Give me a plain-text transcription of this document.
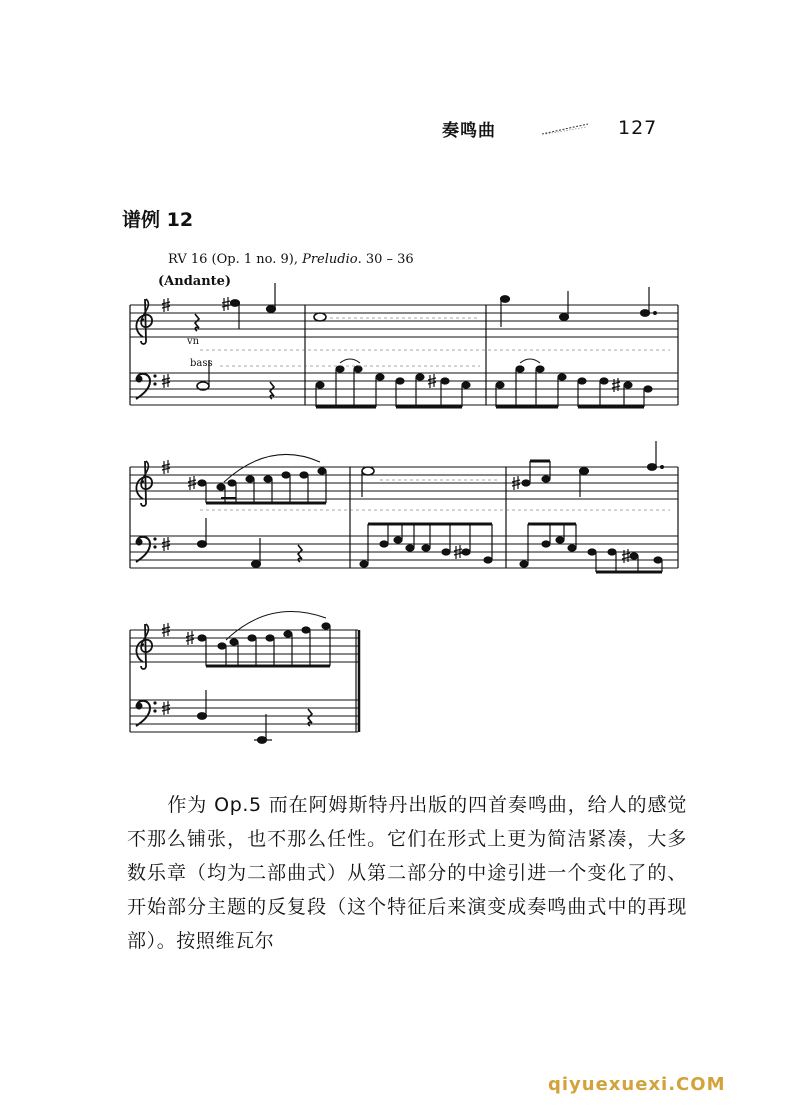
奏鸣曲	127
谱例 12
RV 16 (Op. 1 no. 9), Preludio. 30 – 36
(Andante)
vn
bass
作为 Op.5 而在阿姆斯特丹出版的四首奏鸣曲，给人的感觉不那么铺张，也不那么任性。它们在形式上更为简洁紧凑，大多数乐章（均为二部曲式）从第二部分的中途引进一个变化了的、开始部分主题的反复段（这个特征后来演变成奏鸣曲式中的再现部）。按照维瓦尔
qiyuexuexi.COM
